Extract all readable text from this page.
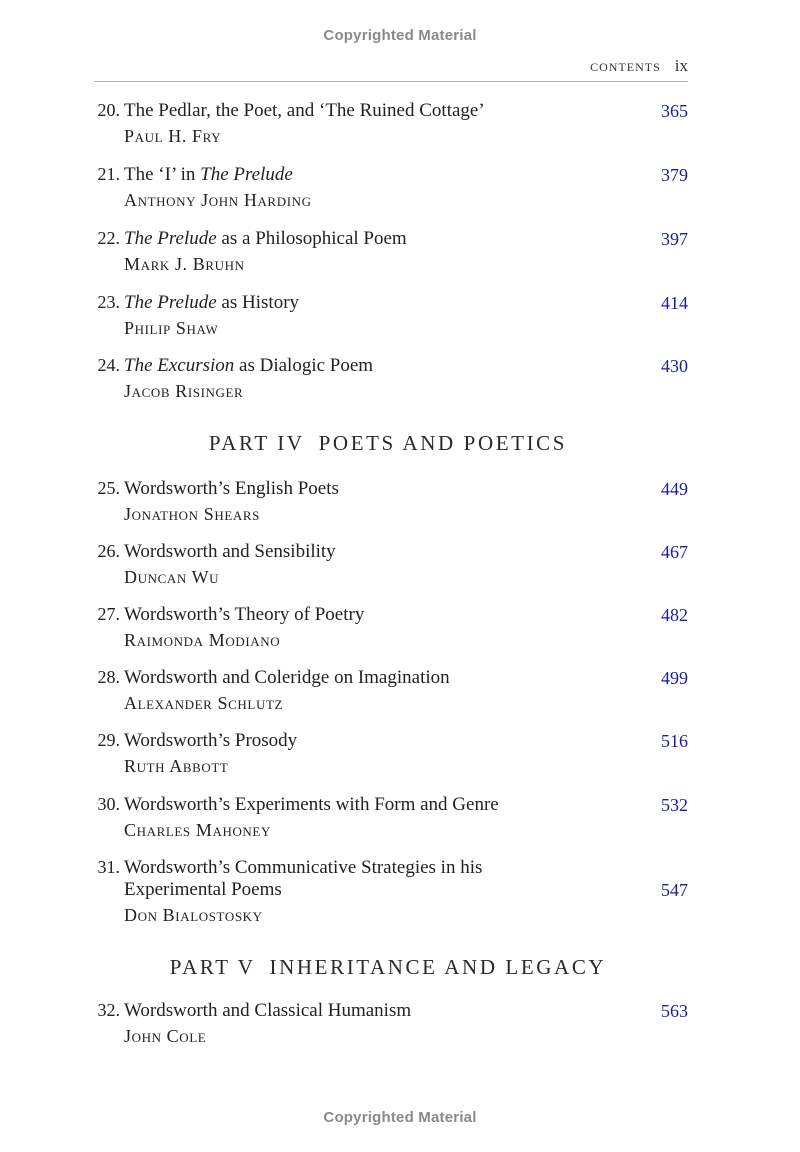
Copyrighted Material
contents ix
20. The Pedlar, the Poet, and ‘The Ruined Cottage’
Paul H. Fry
365
21. The ‘I’ in The Prelude
Anthony John Harding
379
22. The Prelude as a Philosophical Poem
Mark J. Bruhn
397
23. The Prelude as History
Philip Shaw
414
24. The Excursion as Dialogic Poem
Jacob Risinger
430
PART IV POETS AND POETICS
25. Wordsworth’s English Poets
Jonathon Shears
449
26. Wordsworth and Sensibility
Duncan Wu
467
27. Wordsworth’s Theory of Poetry
Raimonda Modiano
482
28. Wordsworth and Coleridge on Imagination
Alexander Schlutz
499
29. Wordsworth’s Prosody
Ruth Abbott
516
30. Wordsworth’s Experiments with Form and Genre
Charles Mahoney
532
31. Wordsworth’s Communicative Strategies in his
Experimental Poems
Don Bialostosky
547
PART V INHERITANCE AND LEGACY
32. Wordsworth and Classical Humanism
John Cole
563
Copyrighted Material
